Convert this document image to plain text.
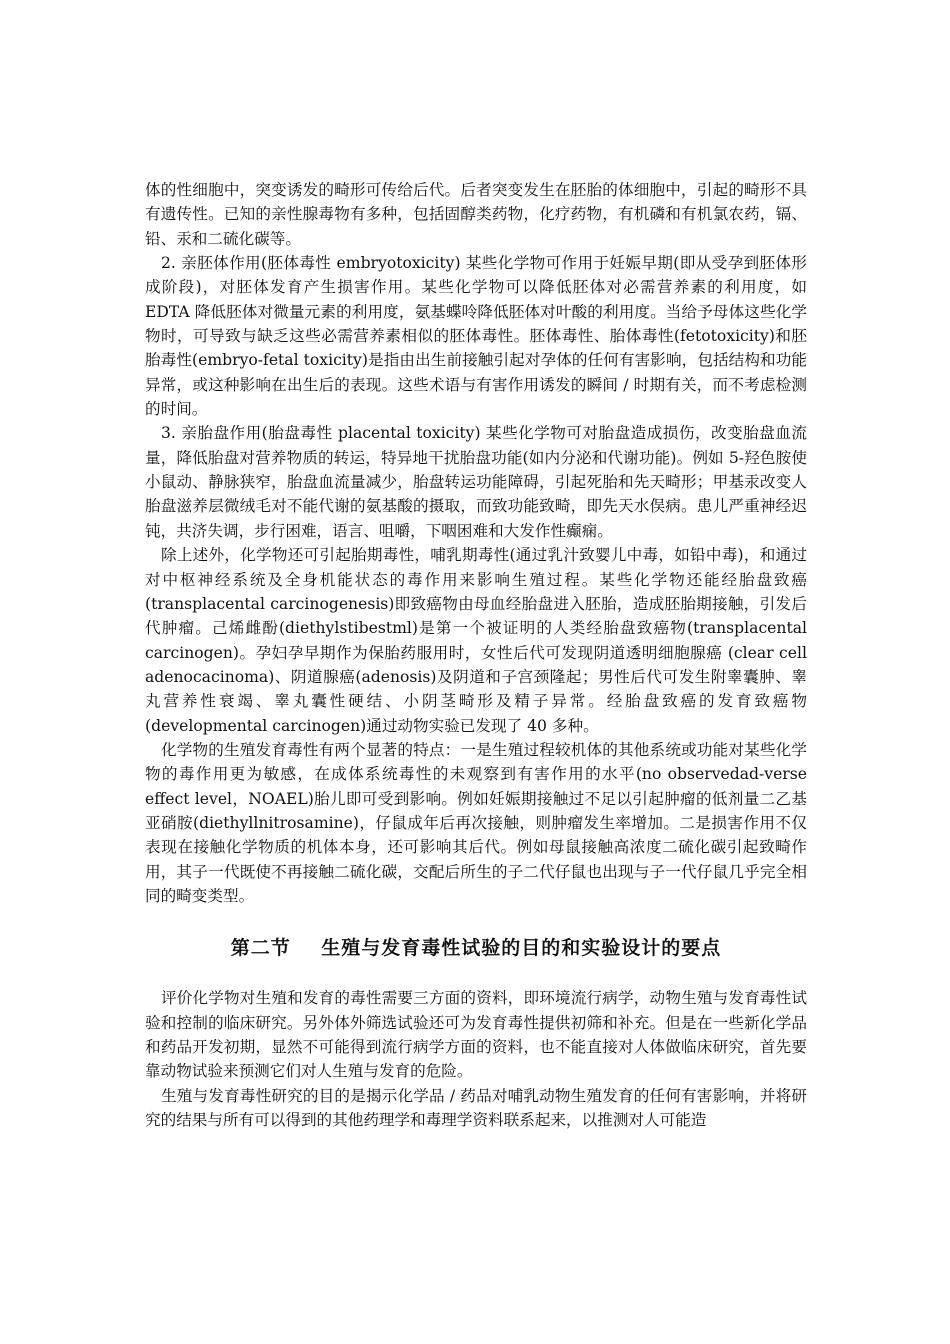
体的性细胞中，突变诱发的畸形可传给后代。后者突变发生在胚胎的体细胞中，引起的畸形不具有遗传性。已知的亲性腺毒物有多种，包括固醇类药物，化疗药物，有机磷和有机氯农药，镉、铅、汞和二硫化碳等。

2. 亲胚体作用(胚体毒性 embryotoxicity) 某些化学物可作用于妊娠早期(即从受孕到胚体形成阶段)，对胚体发育产生损害作用。某些化学物可以降低胚体对必需营养素的利用度，如 EDTA 降低胚体对微量元素的利用度，氨基蝶呤降低胚体对叶酸的利用度。当给予母体这些化学物时，可导致与缺乏这些必需营养素相似的胚体毒性。胚体毒性、胎体毒性(fetotoxicity)和胚胎毒性(embryo-fetal toxicity)是指由出生前接触引起对孕体的任何有害影响，包括结构和功能异常，或这种影响在出生后的表现。这些术语与有害作用诱发的瞬间 / 时期有关，而不考虑检测的时间。

3. 亲胎盘作用(胎盘毒性 placental toxicity) 某些化学物可对胎盘造成损伤，改变胎盘血流量，降低胎盘对营养物质的转运，特异地干扰胎盘功能(如内分泌和代谢功能)。例如 5-羟色胺使小鼠动、静脉狭窄，胎盘血流量减少，胎盘转运功能障碍，引起死胎和先天畸形；甲基汞改变人胎盘滋养层微绒毛对不能代谢的氨基酸的摄取，而致功能致畸，即先天水俣病。患儿严重神经迟钝，共济失调，步行困难，语言、咀嚼，下咽困难和大发作性癫痫。

除上述外，化学物还可引起胎期毒性，哺乳期毒性(通过乳汁致婴儿中毒，如铅中毒)，和通过对中枢神经系统及全身机能状态的毒作用来影响生殖过程。某些化学物还能经胎盘致癌(transplacental carcinogenesis)即致癌物由母血经胎盘进入胚胎，造成胚胎期接触，引发后代肿瘤。己烯雌酚(diethylstibestml)是第一个被证明的人类经胎盘致癌物(transplacental carcinogen)。孕妇孕早期作为保胎药服用时，女性后代可发现阴道透明细胞腺癌 (clear cell adenocacinoma)、阴道腺癌(adenosis)及阴道和子宫颈隆起；男性后代可发生附睾囊肿、睾丸营养性衰竭、睾丸囊性硬结、小阴茎畸形及精子异常。经胎盘致癌的发育致癌物(developmental carcinogen)通过动物实验已发现了 40 多种。

化学物的生殖发育毒性有两个显著的特点：一是生殖过程较机体的其他系统或功能对某些化学物的毒作用更为敏感，在成体系统毒性的未观察到有害作用的水平(no observedad-verse effect level，NOAEL)胎儿即可受到影响。例如妊娠期接触过不足以引起肿瘤的低剂量二乙基亚硝胺(diethyllnitrosamine)，仔鼠成年后再次接触，则肿瘤发生率增加。二是损害作用不仅表现在接触化学物质的机体本身，还可影响其后代。例如母鼠接触高浓度二硫化碳引起致畸作用，其子一代既使不再接触二硫化碳，交配后所生的子二代仔鼠也出现与子一代仔鼠几乎完全相同的畸变类型。

第二节    生殖与发育毒性试验的目的和实验设计的要点

评价化学物对生殖和发育的毒性需要三方面的资料，即环境流行病学，动物生殖与发育毒性试验和控制的临床研究。另外体外筛选试验还可为发育毒性提供初筛和补充。但是在一些新化学品和药品开发初期，显然不可能得到流行病学方面的资料，也不能直接对人体做临床研究，首先要靠动物试验来预测它们对人生殖与发育的危险。

生殖与发育毒性研究的目的是揭示化学品 / 药品对哺乳动物生殖发育的任何有害影响，并将研究的结果与所有可以得到的其他药理学和毒理学资料联系起来，以推测对人可能造
